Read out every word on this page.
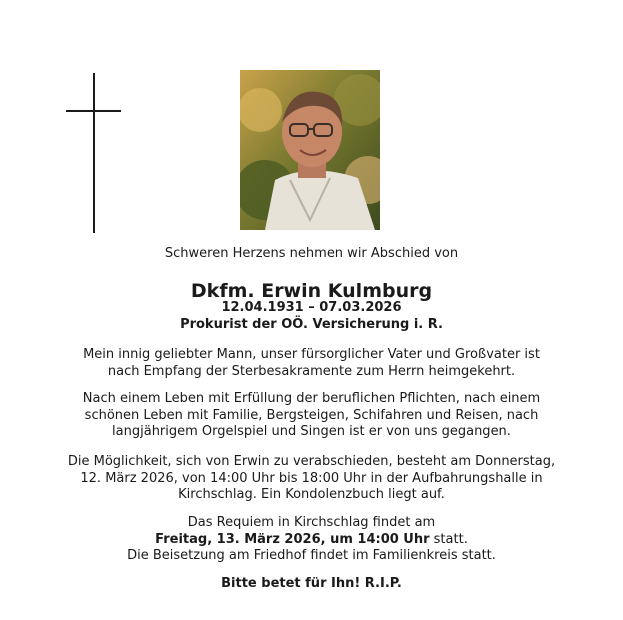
Schweren Herzens nehmen wir Abschied von
Dkfm. Erwin Kulmburg
12.04.1931 – 07.03.2026
Prokurist der OÖ. Versicherung i. R.
Mein innig geliebter Mann, unser fürsorglicher Vater und Großvater ist
nach Empfang der Sterbesakramente zum Herrn heimgekehrt.
Nach einem Leben mit Erfüllung der beruflichen Pflichten, nach einem
schönen Leben mit Familie, Bergsteigen, Schifahren und Reisen, nach
langjährigem Orgelspiel und Singen ist er von uns gegangen.
Die Möglichkeit, sich von Erwin zu verabschieden, besteht am Donnerstag,
12. März 2026, von 14:00 Uhr bis 18:00 Uhr in der Aufbahrungshalle in
Kirchschlag. Ein Kondolenzbuch liegt auf.
Das Requiem in Kirchschlag findet am
Freitag, 13. März 2026, um 14:00 Uhr statt.
Die Beisetzung am Friedhof findet im Familienkreis statt.
Bitte betet für Ihn! R.I.P.
